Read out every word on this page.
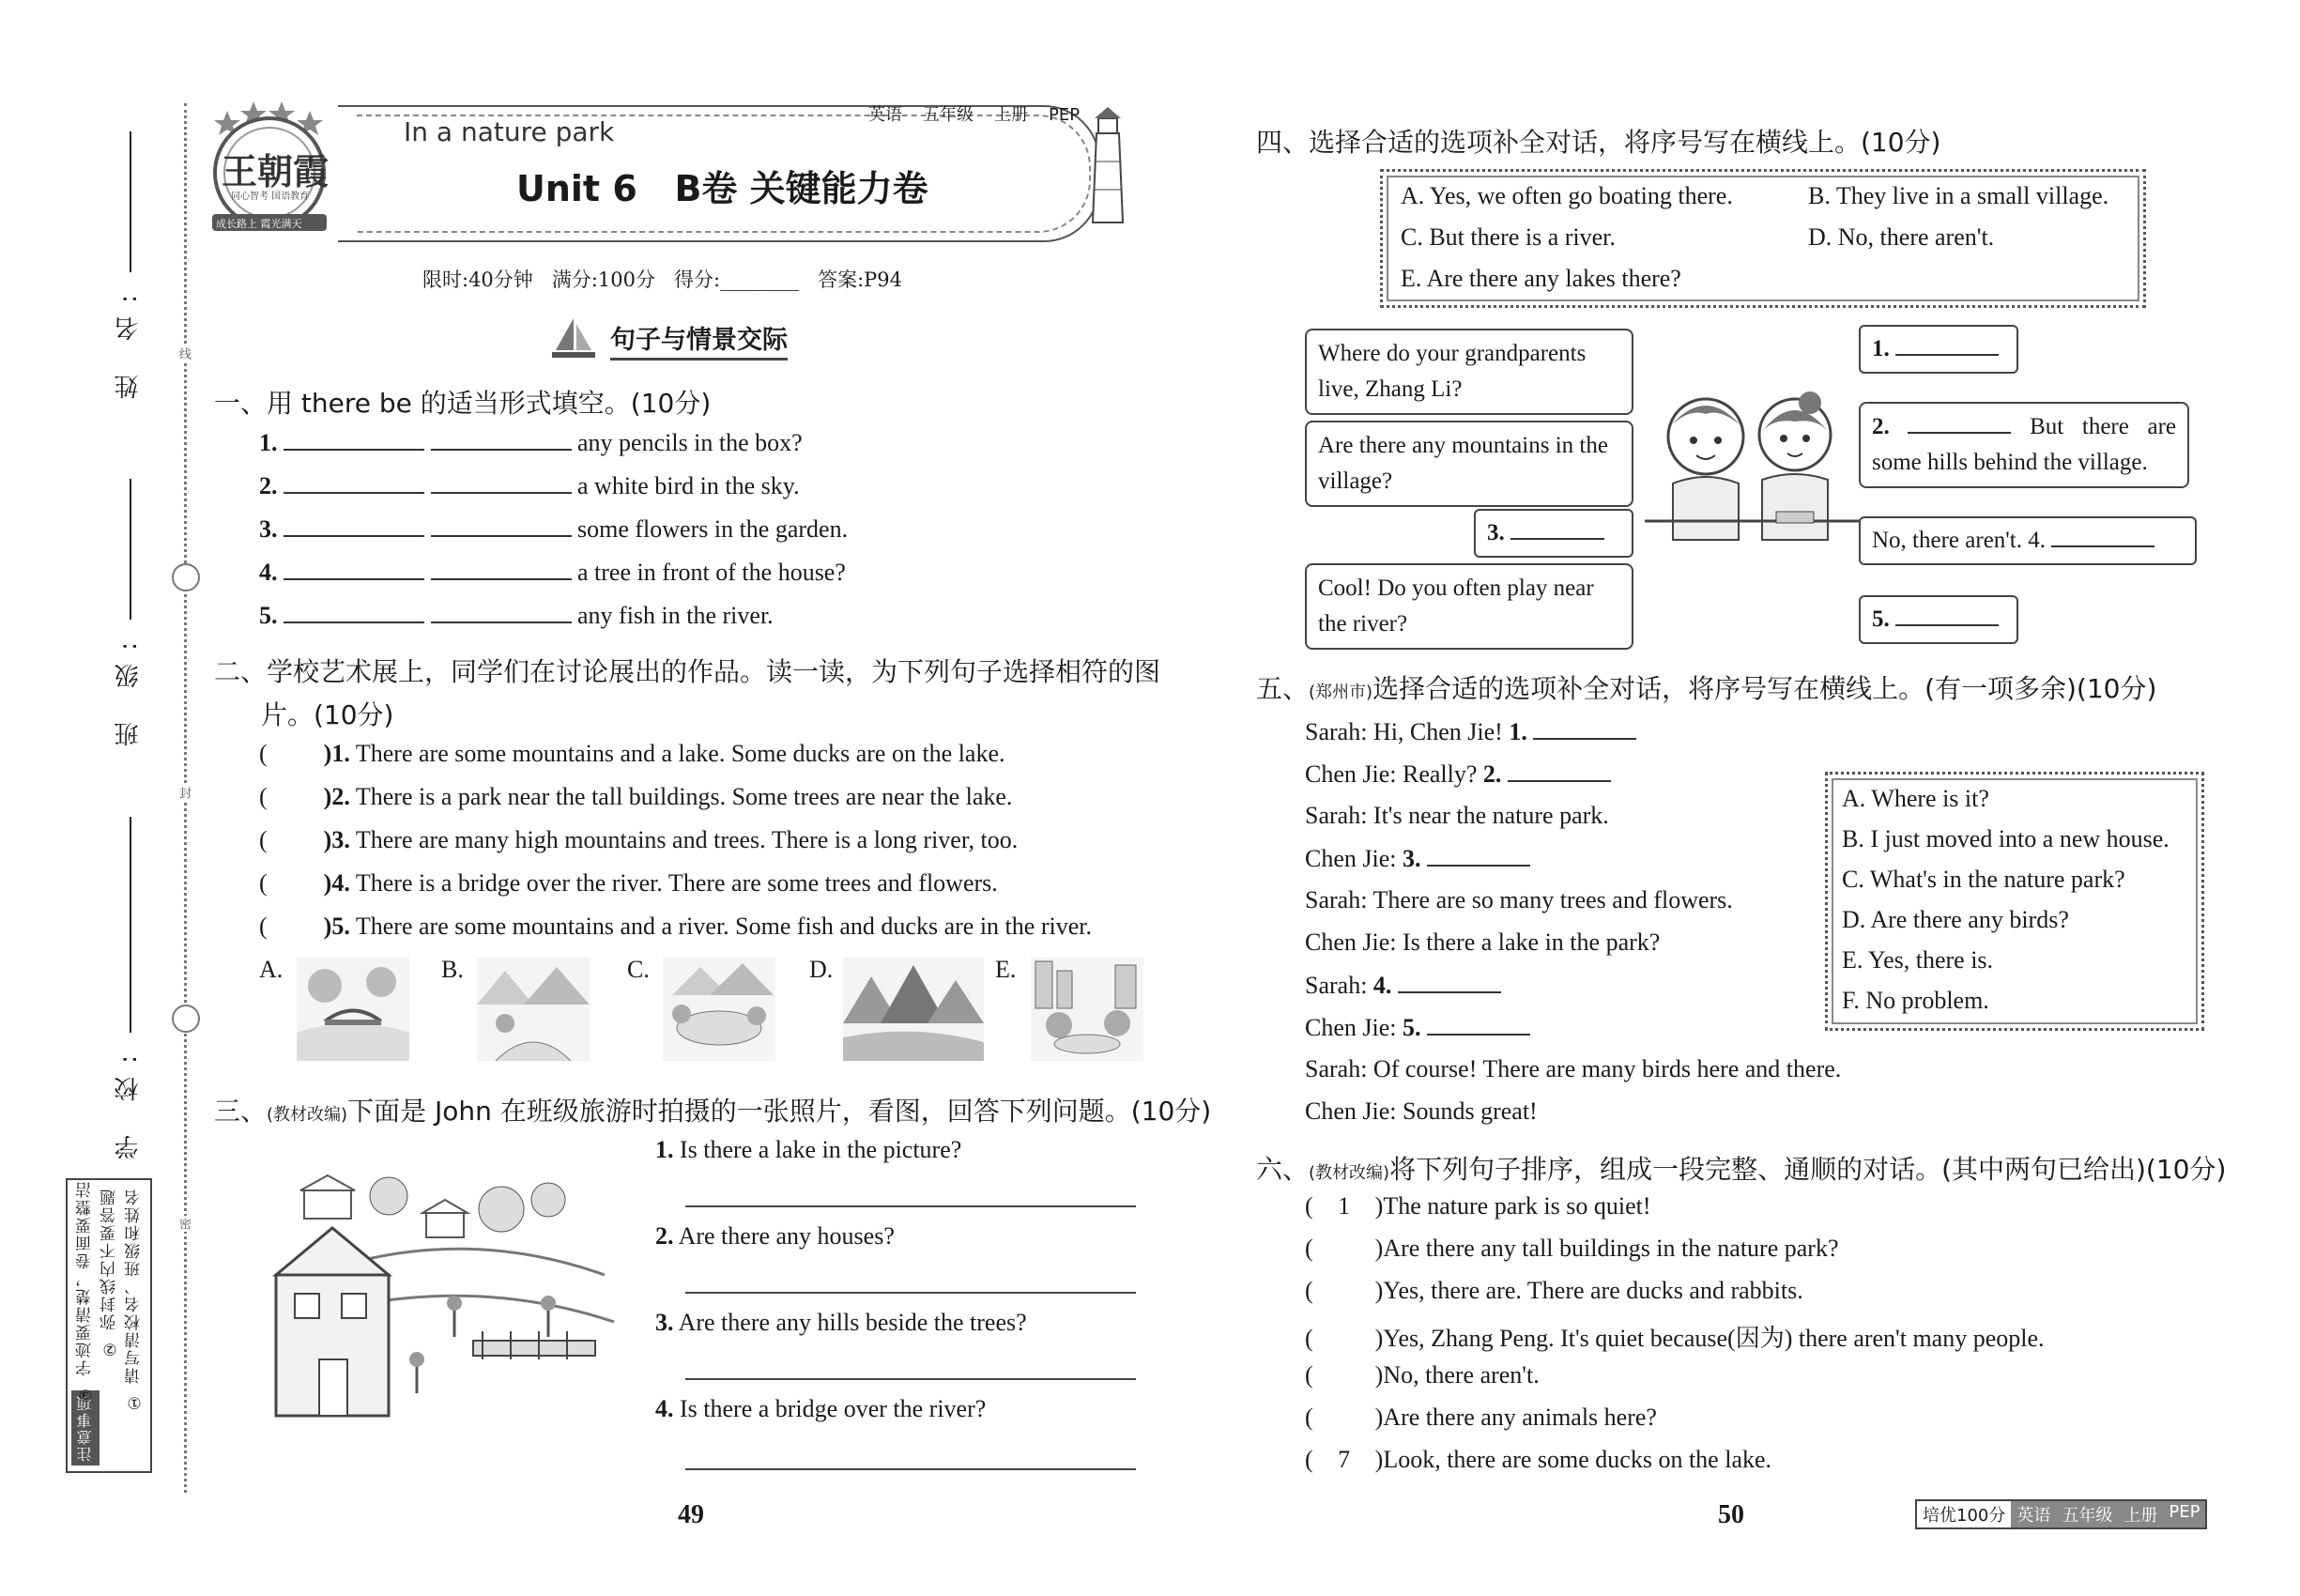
姓 名:
班 级:
学 校:
线
封
密
注意事项
① 请写清校名、班级和姓名
② 弥封线内不要答题
③ 字迹要清楚，卷面要整洁
王朝霞
同心智考 国语教育
成长路上 霞光满天
英语 五年级 上册 PEP
In a nature park
Unit 6   B卷 关键能力卷
限时:40分钟   满分:100分   得分:________   答案:P94
句子与情景交际
一、用 there be 的适当形式填空。(10分)
1.	any pencils in the box?
2.	a white bird in the sky.
3.	some flowers in the garden.
4.	a tree in front of the house?
5.	any fish in the river.
二、学校艺术展上，同学们在讨论展出的作品。读一读，为下列句子选择相符的图
片。(10分)
( )1. There are some mountains and a lake. Some ducks are on the lake.
( )2. There is a park near the tall buildings. Some trees are near the lake.
( )3. There are many high mountains and trees. There is a long river, too.
( )4. There is a bridge over the river. There are some trees and flowers.
( )5. There are some mountains and a river. Some fish and ducks are in the river.
A.	B.	C.	D.	E.
三、(教材改编)下面是 John 在班级旅游时拍摄的一张照片，看图，回答下列问题。(10分)
1. Is there a lake in the picture?
2. Are there any houses?
3. Are there any hills beside the trees?
4. Is there a bridge over the river?
49
四、选择合适的选项补全对话，将序号写在横线上。(10分)
A. Yes, we often go boating there.	B. They live in a small village.
C. But there is a river.	D. No, there aren't.
E. Are there any lakes there?
Where do your grandparents live, Zhang Li?
Are there any mountains in the village?
3.
Cool! Do you often play near the river?
1.
2.	But there are some hills behind the village.
No, there aren't. 4.
5.
五、(郑州市)选择合适的选项补全对话，将序号写在横线上。(有一项多余)(10分)
Sarah: Hi, Chen Jie! 1.
Chen Jie: Really? 2.
Sarah: It's near the nature park.
Chen Jie: 3.
Sarah: There are so many trees and flowers.
Chen Jie: Is there a lake in the park?
Sarah: 4.
Chen Jie: 5.
Sarah: Of course! There are many birds here and there.
Chen Jie: Sounds great!
A. Where is it?
B. I just moved into a new house.
C. What's in the nature park?
D. Are there any birds?
E. Yes, there is.
F. No problem.
六、(教材改编)将下列句子排序，组成一段完整、通顺的对话。(其中两句已给出)(10分)
( 1 )The nature park is so quiet!
(	)Are there any tall buildings in the nature park?
(	)Yes, there are. There are ducks and rabbits.
(	)Yes, Zhang Peng. It's quiet because(因为) there aren't many people.
(	)No, there aren't.
(	)Are there any animals here?
( 7 )Look, there are some ducks on the lake.
50	培优100分 英语 五年级 上册 PEP
